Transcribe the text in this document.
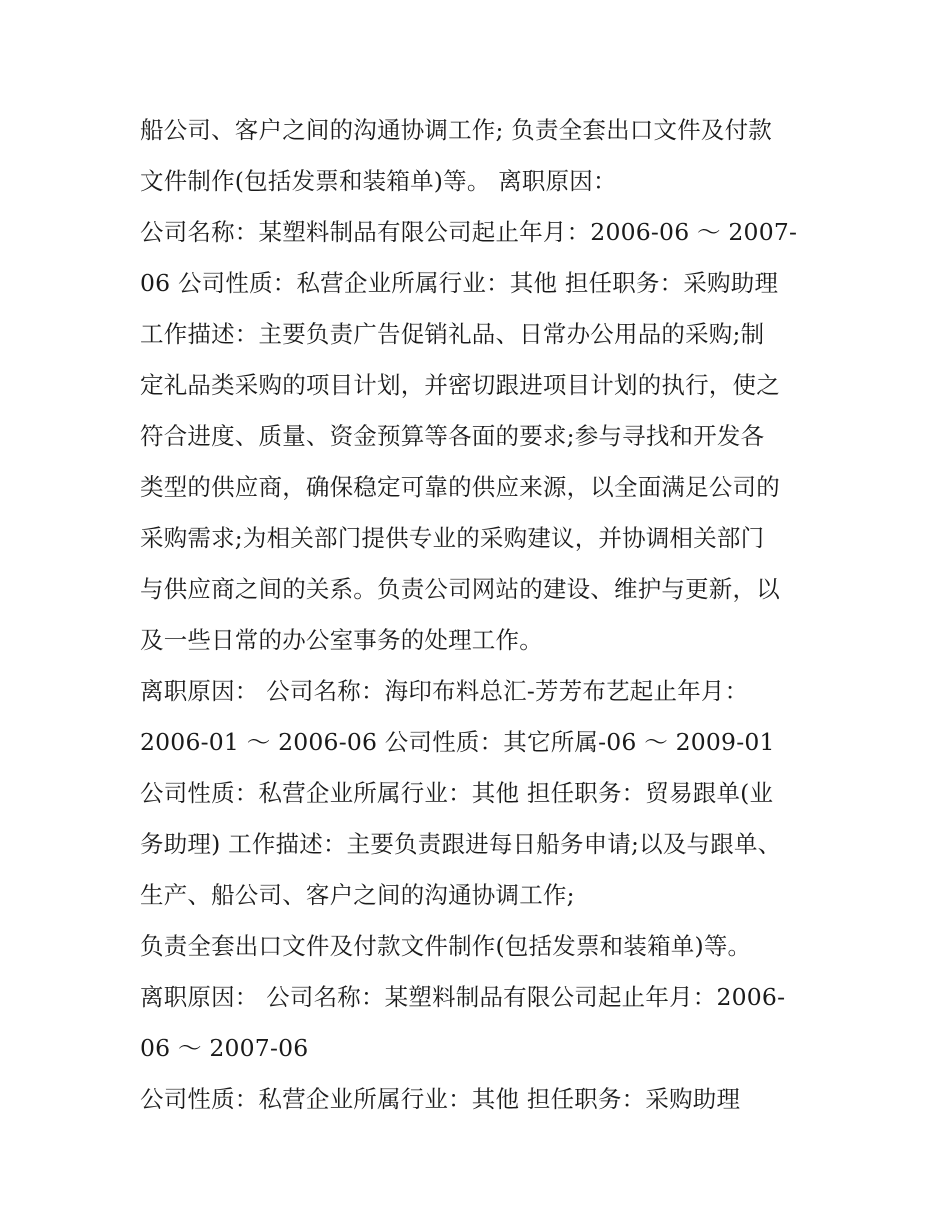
船公司、客户之间的沟通协调工作; 负责全套出口文件及付款
文件制作(包括发票和装箱单)等。 离职原因：
公司名称：某塑料制品有限公司起止年月：2006-06 ～ 2007-
06 公司性质：私营企业所属行业：其他 担任职务：采购助理
工作描述：主要负责广告促销礼品、日常办公用品的采购;制
定礼品类采购的项目计划，并密切跟进项目计划的执行，使之
符合进度、质量、资金预算等各面的要求;参与寻找和开发各
类型的供应商，确保稳定可靠的供应来源，以全面满足公司的
采购需求;为相关部门提供专业的采购建议，并协调相关部门
与供应商之间的关系。负责公司网站的建设、维护与更新，以
及一些日常的办公室事务的处理工作。
离职原因： 公司名称：海印布料总汇-芳芳布艺起止年月：
2006-01 ～ 2006-06 公司性质：其它所属-06 ～ 2009-01
公司性质：私营企业所属行业：其他 担任职务：贸易跟单(业
务助理) 工作描述：主要负责跟进每日船务申请;以及与跟单、
生产、船公司、客户之间的沟通协调工作;
负责全套出口文件及付款文件制作(包括发票和装箱单)等。
离职原因： 公司名称：某塑料制品有限公司起止年月：2006-
06 ～ 2007-06
公司性质：私营企业所属行业：其他 担任职务：采购助理
